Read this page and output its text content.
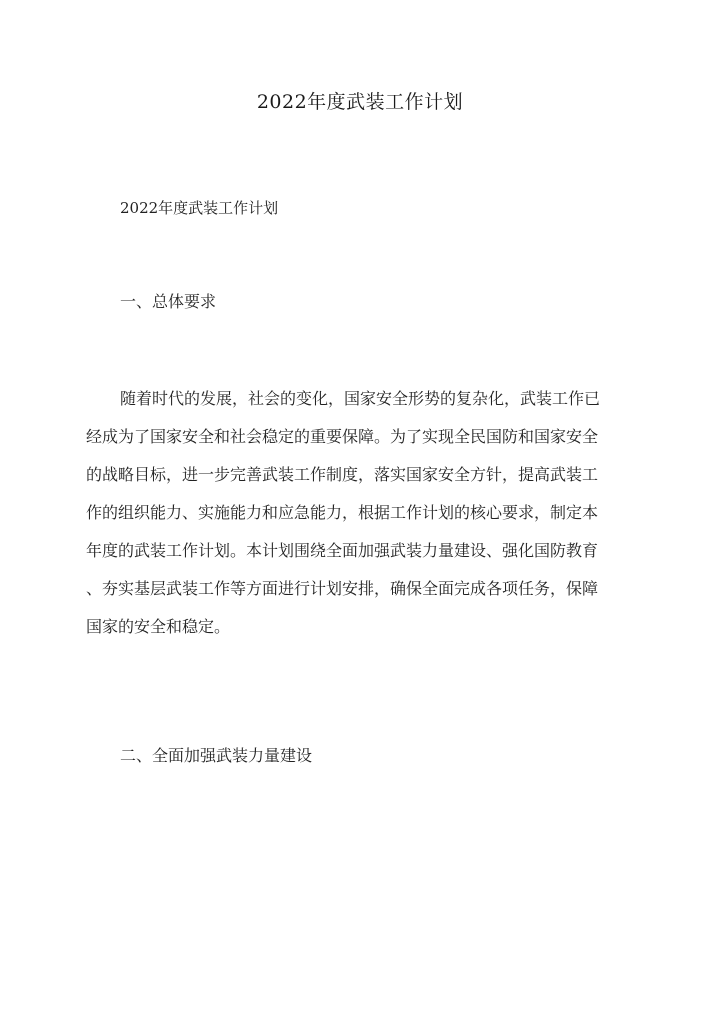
2022年度武装工作计划
2022年度武装工作计划
一、总体要求
随着时代的发展，社会的变化，国家安全形势的复杂化，武装工作已
经成为了国家安全和社会稳定的重要保障。为了实现全民国防和国家安全
的战略目标，进一步完善武装工作制度，落实国家安全方针，提高武装工
作的组织能力、实施能力和应急能力，根据工作计划的核心要求，制定本
年度的武装工作计划。本计划围绕全面加强武装力量建设、强化国防教育
、夯实基层武装工作等方面进行计划安排，确保全面完成各项任务，保障
国家的安全和稳定。
二、全面加强武装力量建设
